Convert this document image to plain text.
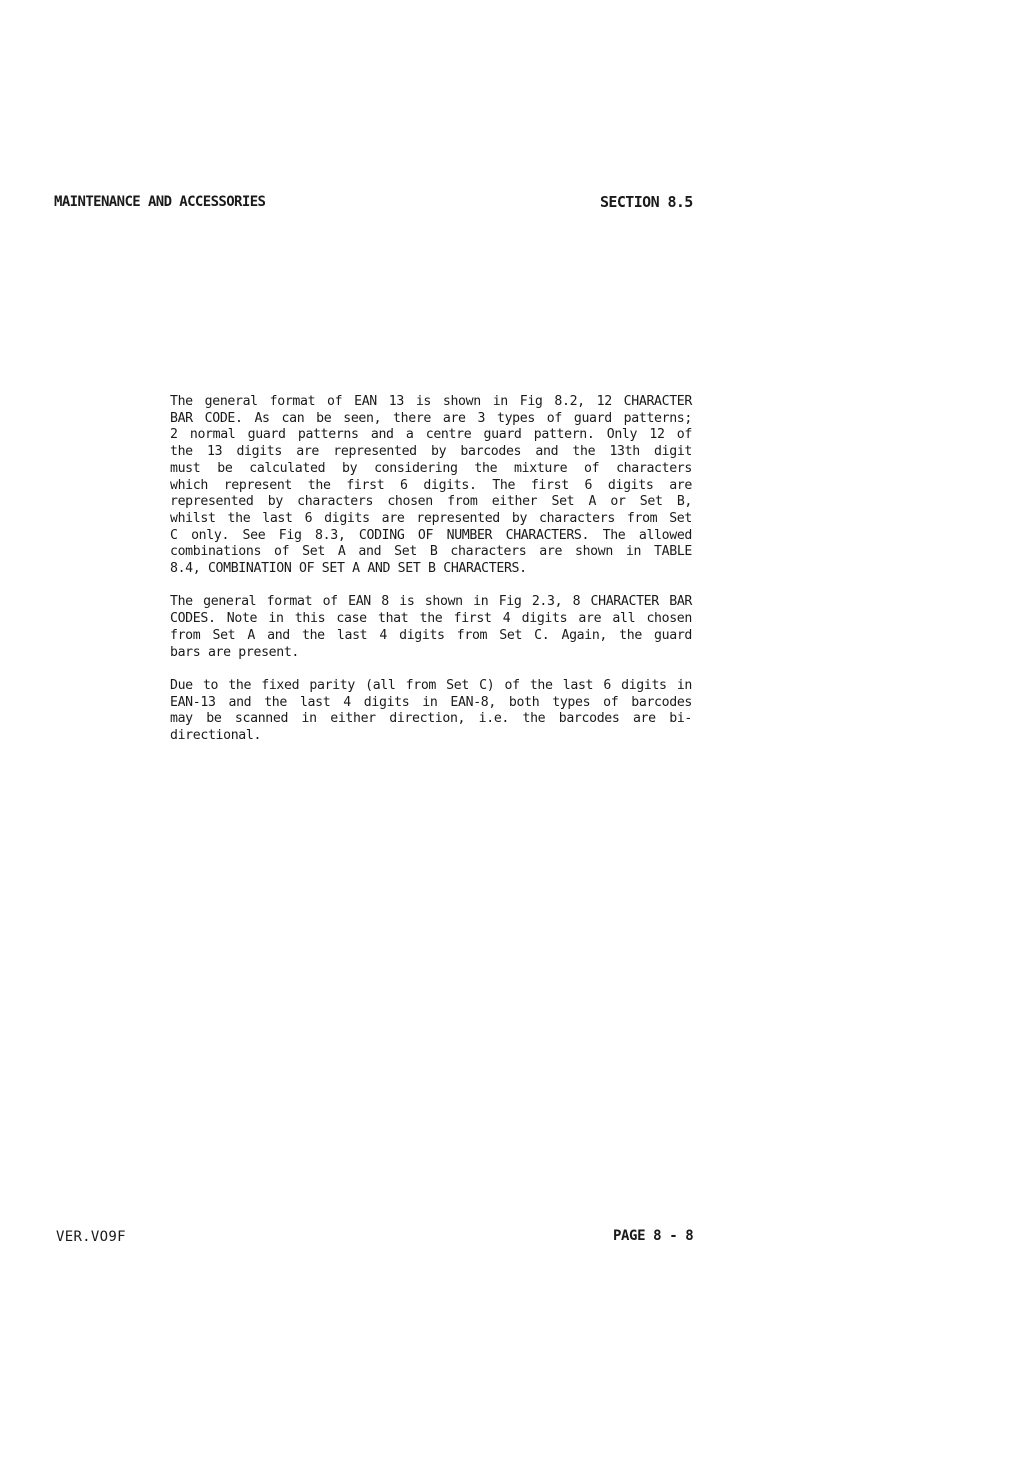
MAINTENANCE AND ACCESSORIES	SECTION 8.5
The general format of EAN 13 is shown in Fig 8.2, 12 CHARACTER
BAR CODE. As can be seen, there are 3 types of guard patterns;
2 normal guard patterns and a centre guard pattern. Only 12 of
the 13 digits are represented by barcodes and the 13th digit
must be calculated by considering the mixture of characters
which represent the first 6 digits. The first 6 digits are
represented by characters chosen from either Set A or Set B,
whilst the last 6 digits are represented by characters from Set
C only. See Fig 8.3, CODING OF NUMBER CHARACTERS. The allowed
combinations of Set A and Set B characters are shown in TABLE
8.4, COMBINATION OF SET A AND SET B CHARACTERS.
The general format of EAN 8 is shown in Fig 2.3, 8 CHARACTER BAR
CODES. Note in this case that the first 4 digits are all chosen
from Set A and the last 4 digits from Set C. Again, the guard
bars are present.
Due to the fixed parity (all from Set C) of the last 6 digits in
EAN-13 and the last 4 digits in EAN-8, both types of barcodes
may be scanned in either direction, i.e. the barcodes are bi-
directional.
VER.VO9F	PAGE 8 - 8
